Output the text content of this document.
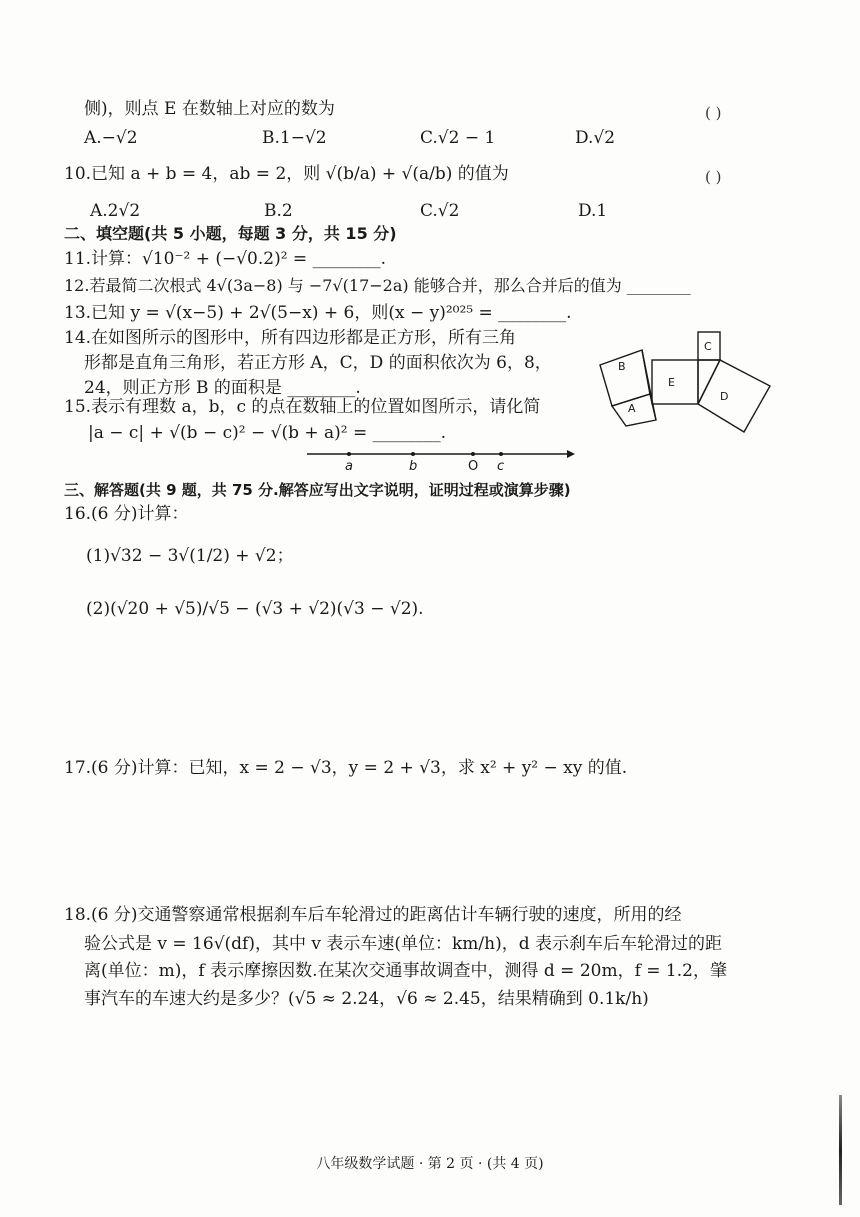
侧)，则点 E 在数轴上对应的数为	( )
A.−√2	B.1−√2	C.√2 − 1	D.√2
10.已知 a + b = 4，ab = 2，则 √(b/a) + √(a/b) 的值为	( )
A.2√2	B.2	C.√2	D.1
二、填空题(共 5 小题，每题 3 分，共 15 分)
11.计算：√10⁻² + (−√0.2)² = ________.
12.若最简二次根式 4√(3a−8) 与 −7√(17−2a) 能够合并，那么合并后的值为 ________
13.已知 y = √(x−5) + 2√(5−x) + 6，则(x − y)²⁰²⁵ = ________.
14.在如图所示的图形中，所有四边形都是正方形，所有三角
形都是直角三角形，若正方形 A，C，D 的面积依次为 6，8，
24，则正方形 B 的面积是 ________.
15.表示有理数 a，b，c 的点在数轴上的位置如图所示，请化简
|a − c| + √(b − c)² − √(b + a)² = ________.
B
C
E
D
A
a	b	O c
三、解答题(共 9 题，共 75 分.解答应写出文字说明，证明过程或演算步骤)
16.(6 分)计算：
(1)√32 − 3√(1/2) + √2；
(2)(√20 + √5)/√5 − (√3 + √2)(√3 − √2).
17.(6 分)计算：已知，x = 2 − √3，y = 2 + √3，求 x² + y² − xy 的值.
18.(6 分)交通警察通常根据刹车后车轮滑过的距离估计车辆行驶的速度，所用的经
验公式是 v = 16√(df)，其中 v 表示车速(单位：km/h)，d 表示刹车后车轮滑过的距
离(单位：m)，f 表示摩擦因数.在某次交通事故调查中，测得 d = 20m，f = 1.2，肇
事汽车的车速大约是多少？(√5 ≈ 2.24，√6 ≈ 2.45，结果精确到 0.1k/h)
八年级数学试题 · 第 2 页 · (共 4 页)
